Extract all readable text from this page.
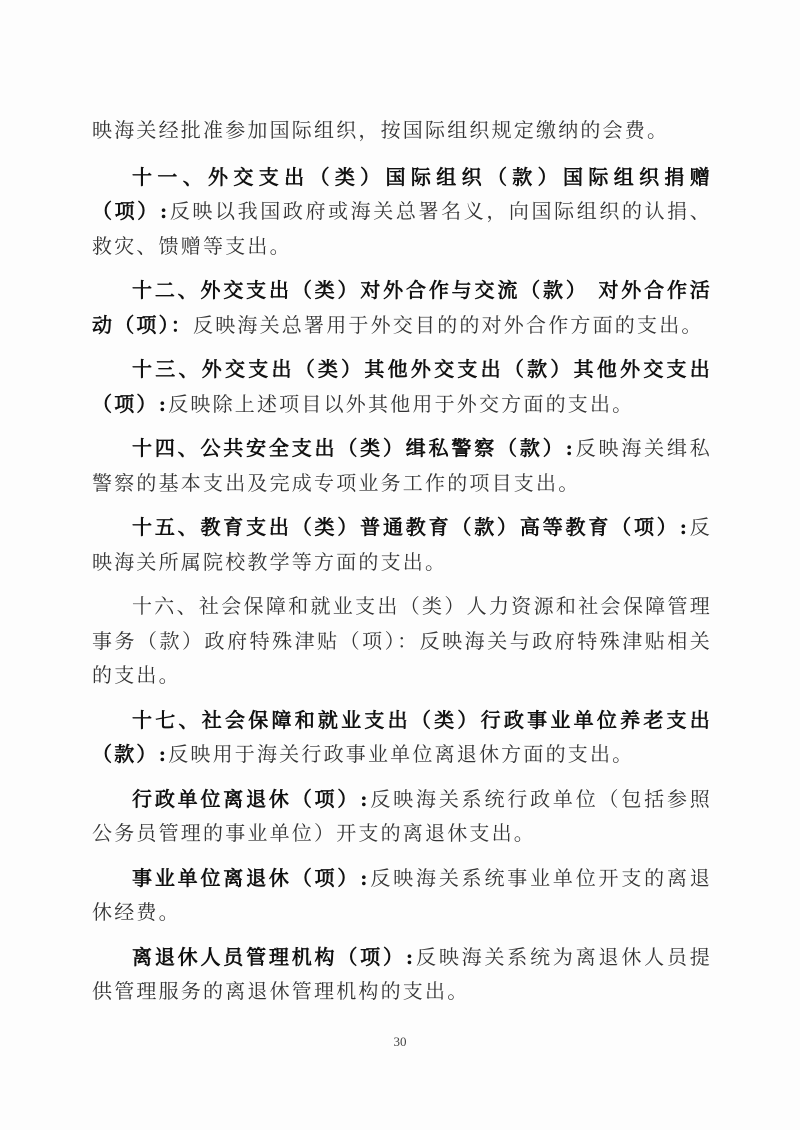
映海关经批准参加国际组织，按国际组织规定缴纳的会费。

十一、外交支出（类）国际组织（款）国际组织捐赠（项）:反映以我国政府或海关总署名义，向国际组织的认捐、救灾、馈赠等支出。

十二、外交支出（类）对外合作与交流（款） 对外合作活动（项）：反映海关总署用于外交目的的对外合作方面的支出。

十三、外交支出（类）其他外交支出（款）其他外交支出（项）:反映除上述项目以外其他用于外交方面的支出。

十四、公共安全支出（类）缉私警察（款）:反映海关缉私警察的基本支出及完成专项业务工作的项目支出。

十五、教育支出（类）普通教育（款）高等教育（项）:反映海关所属院校教学等方面的支出。

十六、社会保障和就业支出（类）人力资源和社会保障管理事务（款）政府特殊津贴（项）：反映海关与政府特殊津贴相关的支出。

十七、社会保障和就业支出（类）行政事业单位养老支出（款）:反映用于海关行政事业单位离退休方面的支出。

行政单位离退休（项）:反映海关系统行政单位（包括参照公务员管理的事业单位）开支的离退休支出。

事业单位离退休（项）:反映海关系统事业单位开支的离退休经费。

离退休人员管理机构（项）:反映海关系统为离退休人员提供管理服务的离退休管理机构的支出。

30
